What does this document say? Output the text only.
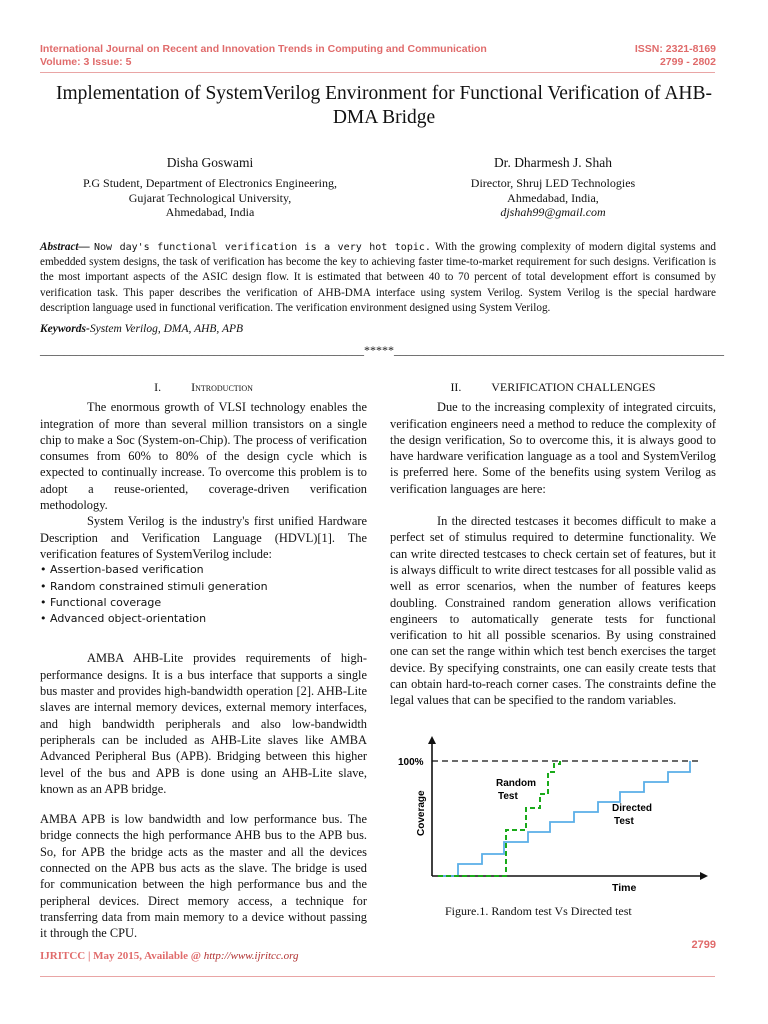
International Journal on Recent and Innovation Trends in Computing and Communication
Volume: 3 Issue: 5
ISSN: 2321-8169
2799 - 2802
Implementation of SystemVerilog Environment for Functional Verification of AHB-DMA Bridge
Disha Goswami
P.G Student, Department of Electronics Engineering,
Gujarat Technological University,
Ahmedabad, India
Dr. Dharmesh J. Shah
Director, Shruj LED Technologies
Ahmedabad, India,
djshah99@gmail.com
Abstract— Now day's functional verification is a very hot topic. With the growing complexity of modern digital systems and embedded system designs, the task of verification has become the key to achieving faster time-to-market requirement for such designs. Verification is the most important aspects of the ASIC design flow. It is estimated that between 40 to 70 percent of total development effort is consumed by verification task. This paper describes the verification of AHB-DMA interface using system Verilog. System Verilog is the special hardware description language used in functional verification. The verification environment designed using System Verilog.
Keywords-System Verilog, DMA, AHB, APB
______________________________________________________*****_______________________________________________________
I.	Introduction

The enormous growth of VLSI technology enables the integration of more than several million transistors on a single chip to make a Soc (System-on-Chip). The process of verification consumes from 60% to 80% of the design cycle which is expected to continually increase. To overcome this problem is to adopt a reuse-oriented, coverage-driven verification methodology.

System Verilog is the industry's first unified Hardware Description and Verification Language (HDVL)[1]. The verification features of SystemVerilog include:

• Assertion-based verification
• Random constrained stimuli generation
• Functional coverage
• Advanced object-orientation

AMBA AHB-Lite provides requirements of high-performance designs. It is a bus interface that supports a single bus master and provides high-bandwidth operation [2]. AHB-Lite slaves are internal memory devices, external memory interfaces, and high bandwidth peripherals and also low-bandwidth peripherals can be included as AHB-Lite slaves like AMBA Advanced Peripheral Bus (APB). Bridging between this higher level of the bus and APB is done using an AHB-Lite slave, known as an APB bridge.

AMBA APB is low bandwidth and low performance bus. The bridge connects the high performance AHB bus to the APB bus. So, for APB the bridge acts as the master and all the devices connected on the APB bus acts as the slave. The bridge is used for communication between the high performance bus and the peripheral devices. Direct memory access, a technique for transferring data from main memory to a device without passing it through the CPU.

II. VERIFICATION CHALLENGES

Due to the increasing complexity of integrated circuits, verification engineers need a method to reduce the complexity of the design verification, So to overcome this, it is always good to have hardware verification language as a tool and SystemVerilog is preferred here. Some of the benefits using system Verilog as verification languages are here:

In the directed testcases it becomes difficult to make a perfect set of stimulus required to determine functionality. We can write directed testcases to check certain set of features, but it is always difficult to write direct testcases for all possible valid as well as error scenarios, when the number of features keeps doubling. Constrained random generation allows verification engineers to automatically generate tests for functional verification to hit all possible scenarios. By using constrained one can set the range within which test bench exercises the target device. By specifying constraints, one can easily create tests that can obtain hard-to-reach corner cases. The constraints define the legal values that can be specified to the random variables.

100%
Coverage
Time
Random
Test
Directed
Test
Figure.1. Random test Vs Directed test
2799
IJRITCC | May 2015, Available @ http://www.ijritcc.org
